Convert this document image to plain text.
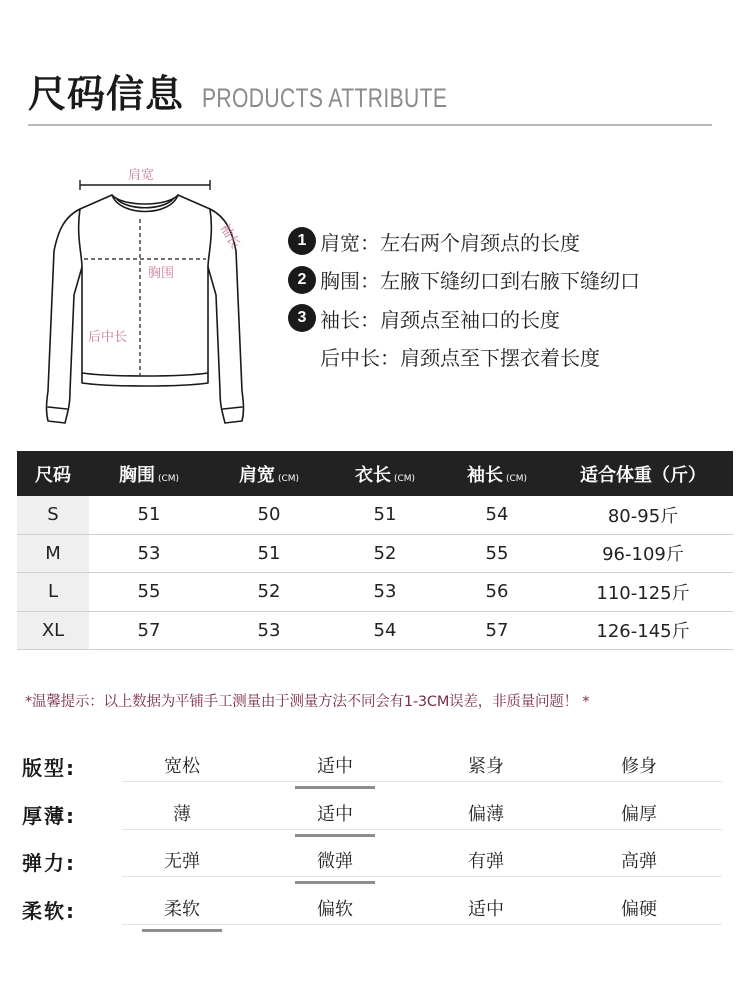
尺码信息 PRODUCTS ATTRIBUTE
肩宽
胸围
后中长
袖长	1 肩宽 ：左右两个肩颈点的长度
2 胸围 ：左腋下缝纫口到右腋下缝纫口
3 袖长 ：肩颈点至袖口的长度
后中长 ：肩颈点至下摆衣着长度
尺码	胸围 (CM)	肩宽 (CM)	衣长 (CM)	袖长 (CM)	适合体重（斤）
S	51	50	51	54	80-95斤
M	53	51	52	55	96-109斤
L	55	52	53	56	110-125斤
XL	57	53	54	57	126-145斤
*温馨提示：以上数据为平铺手工测量由于测量方法不同会有1-3CM误差，非质量问题！ *
版型:	宽松	适中	紧身	修身
厚薄:	薄	适中	偏薄	偏厚
弹力:	无弹	微弹	有弹	高弹
柔软:	柔软	偏软	适中	偏硬
